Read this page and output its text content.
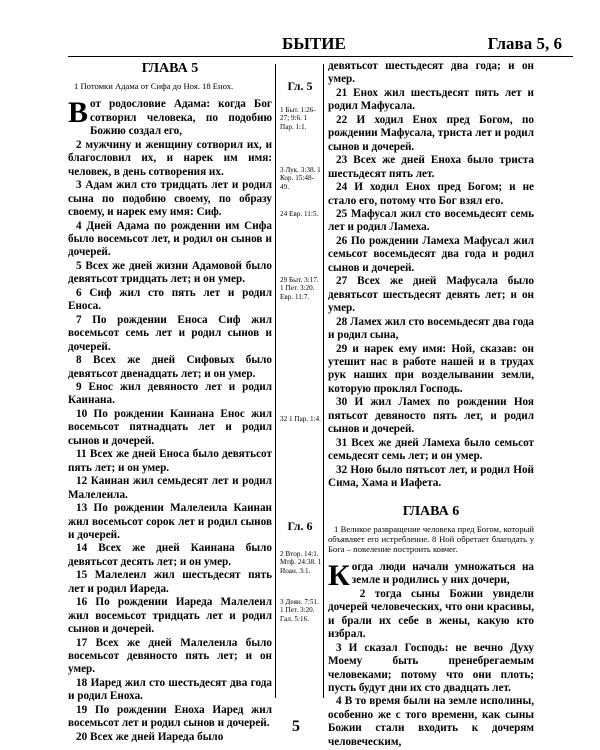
БЫТИЕ	Глава 5, 6
ГЛАВА 5
1 Потомки Адама от Сифа до Ноя. 18 Енох.

Вот родословие Адама: когда Бог сотворил человека, по подобию Божию создал его,

2 мужчину и женщину сотворил их, и благословил их, и нарек им имя: человек, в день сотворения их.

3 Адам жил сто тридцать лет и родил сына по подобию своему, по образу своему, и нарек ему имя: Сиф.

4 Дней Адама по рождении им Сифа было восемьсот лет, и родил он сынов и дочерей.

5 Всех же дней жизни Адамовой было девятьсот тридцать лет; и он умер.

6 Сиф жил сто пять лет и родил Еноса.

7 По рождении Еноса Сиф жил восемьсот семь лет и родил сынов и дочерей.

8 Всех же дней Сифовых было девятьсот двенадцать лет; и он умер.

9 Енос жил девяносто лет и родил Каинана.

10 По рождении Каинана Енос жил восемьсот пятнадцать лет и родил сынов и дочерей.

11 Всех же дней Еноса было девятьсот пять лет; и он умер.

12 Каинан жил семьдесят лет и родил Малелеила.

13 По рождении Малелеила Каинан жил восемьсот сорок лет и родил сынов и дочерей.

14 Всех же дней Каинана было девятьсот десять лет; и он умер.

15 Малелеил жил шестьдесят пять лет и родил Иареда.

16 По рождении Иареда Малелеил жил восемьсот тридцать лет и родил сынов и дочерей.

17 Всех же дней Малелеила было восемьсот девяносто пять лет; и он умер.

18 Иаред жил сто шестьдесят два года и родил Еноха.

19 По рождении Еноха Иаред жил восемьсот лет и родил сынов и дочерей.

20 Всех же дней Иареда было

Гл. 5
Гл. 6
1 Быт. 1:26-27; 9:6. 1 Пар. 1:1.
3 Лук. 3:38. 1 Кор. 15:48-49.
24 Евр. 11:5.
29 Быт. 3:17. 1 Пет. 3:20. Евр. 11:7.
32 1 Пар. 1:4.
2 Втор. 14:1. Мтф. 24:38. 1 Иоан. 3:1.
3 Деян. 7:51. 1 Пет. 3:20. Гал. 5:16.

девятьсот шестьдесят два года; и он умер.

21 Енох жил шестьдесят пять лет и родил Мафусала.

22 И ходил Енох пред Богом, по рождении Мафусала, триста лет и родил сынов и дочерей.

23 Всех же дней Еноха было триста шестьдесят пять лет.

24 И ходил Енох пред Богом; и не стало его, потому что Бог взял его.

25 Мафусал жил сто восемьдесят семь лет и родил Ламеха.

26 По рождении Ламеха Мафусал жил семьсот восемьдесят два года и родил сынов и дочерей.

27 Всех же дней Мафусала было девятьсот шестьдесят девять лет; и он умер.

28 Ламех жил сто восемьдесят два года и родил сына,

29 и нарек ему имя: Ной, сказав: он утешит нас в работе нашей и в трудах рук наших при возделывании земли, которую проклял Господь.

30 И жил Ламех по рождении Ноя пятьсот девяносто пять лет, и родил сынов и дочерей.

31 Всех же дней Ламеха было семьсот семьдесят семь лет; и он умер.

32 Ною было пятьсот лет, и родил Ной Сима, Хама и Иафета.

ГЛАВА 6
1 Великое развращение человека пред Богом, который объявляет его истребление. 8 Ной обретает благодать у Бога – повеление построить ковчег.

Когда люди начали умножаться на земле и родились у них дочери,

2 тогда сыны Божии увидели дочерей человеческих, что они красивы, и брали их себе в жены, какую кто избрал.

3 И сказал Господь: не вечно Духу Моему быть пренебрегаемым человеками; потому что они плоть; пусть будут дни их сто двадцать лет.

4 В то время были на земле исполины, особенно же с того времени, как сыны Божии стали входить к дочерям человеческим,

5
